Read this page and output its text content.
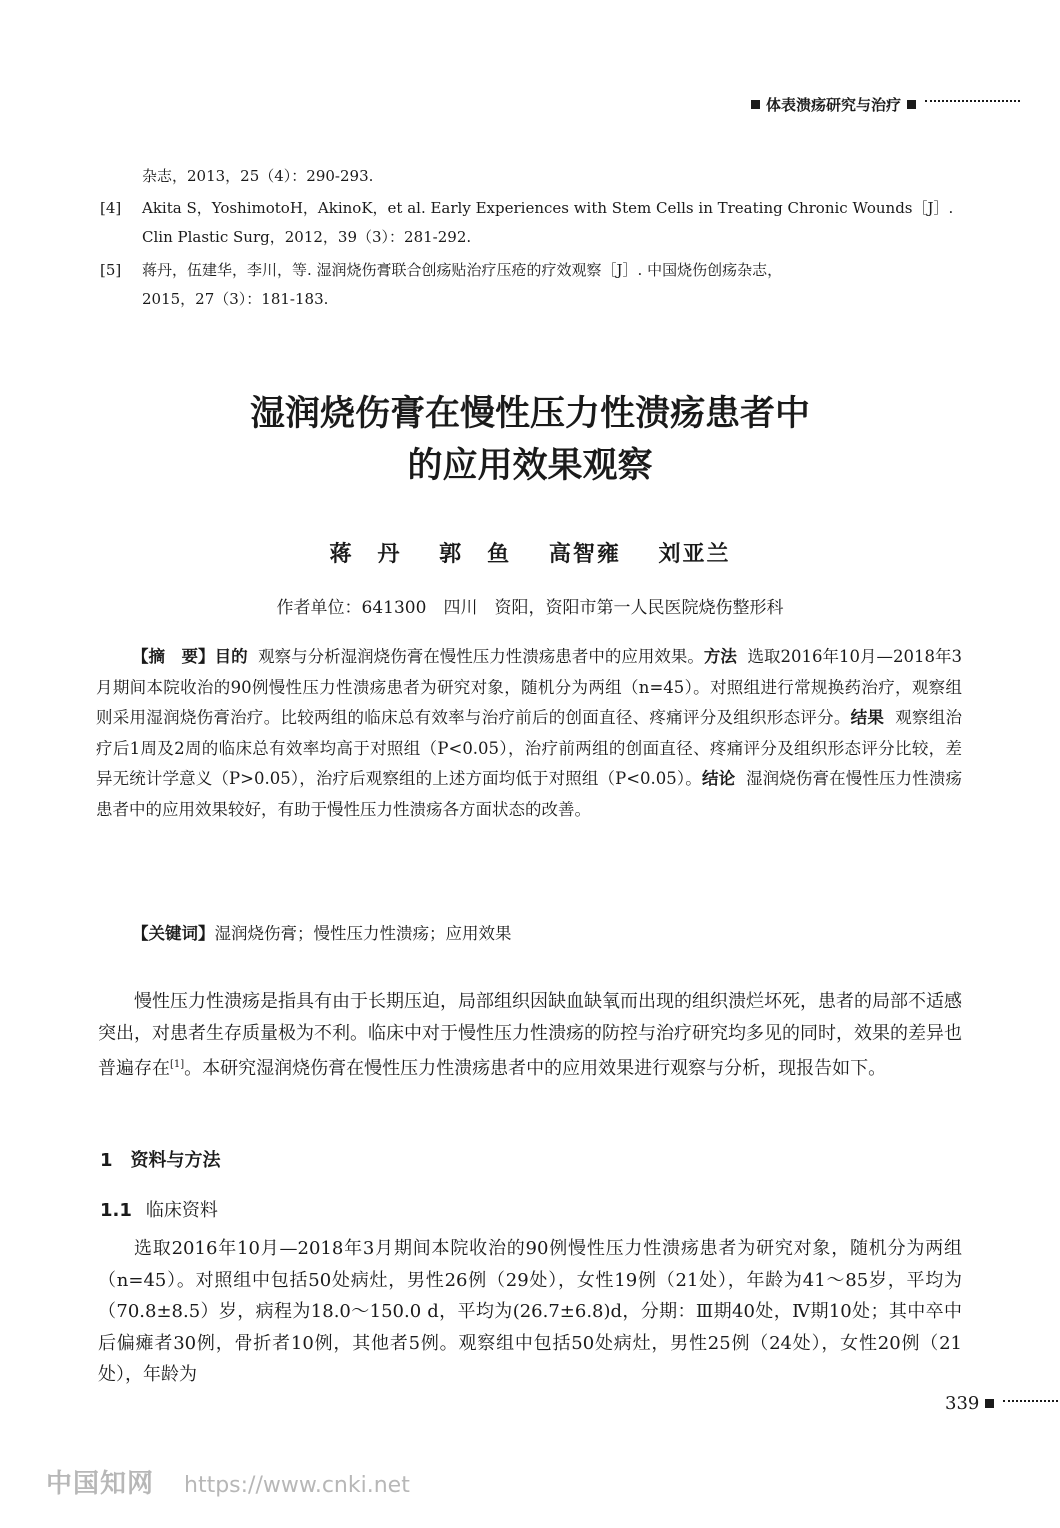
体表溃疡研究与治疗
杂志，2013，25（4）：290-293.
[4] Akita S，YoshimotoH，AkinoK，et al. Early Experiences with Stem Cells in Treating Chronic Wounds［J］.
Clin Plastic Surg，2012，39（3）：281-292.
[5] 蒋丹，伍建华，李川，等. 湿润烧伤膏联合创疡贴治疗压疮的疗效观察［J］. 中国烧伤创疡杂志，
2015，27（3）：181-183.
湿润烧伤膏在慢性压力性溃疡患者中
的应用效果观察
蒋　丹 郭　鱼 高智雍 刘亚兰
作者单位：641300　四川　资阳，资阳市第一人民医院烧伤整形科
【摘　要】目的 观察与分析湿润烧伤膏在慢性压力性溃疡患者中的应用效果。方法 选取2016年10月—2018年3月期间本院收治的90例慢性压力性溃疡患者为研究对象，随机分为两组（n=45）。对照组进行常规换药治疗，观察组则采用湿润烧伤膏治疗。比较两组的临床总有效率与治疗前后的创面直径、疼痛评分及组织形态评分。结果 观察组治疗后1周及2周的临床总有效率均高于对照组（P<0.05），治疗前两组的创面直径、疼痛评分及组织形态评分比较，差异无统计学意义（P>0.05），治疗后观察组的上述方面均低于对照组（P<0.05）。结论 湿润烧伤膏在慢性压力性溃疡患者中的应用效果较好，有助于慢性压力性溃疡各方面状态的改善。
【关键词】湿润烧伤膏；慢性压力性溃疡；应用效果
慢性压力性溃疡是指具有由于长期压迫，局部组织因缺血缺氧而出现的组织溃烂坏死，患者的局部不适感突出，对患者生存质量极为不利。临床中对于慢性压力性溃疡的防控与治疗研究均多见的同时，效果的差异也普遍存在[1]。本研究湿润烧伤膏在慢性压力性溃疡患者中的应用效果进行观察与分析，现报告如下。
1　资料与方法
1.1 临床资料
选取2016年10月—2018年3月期间本院收治的90例慢性压力性溃疡患者为研究对象，随机分为两组（n=45）。对照组中包括50处病灶，男性26例（29处），女性19例（21处），年龄为41～85岁，平均为（70.8±8.5）岁，病程为18.0～150.0 d，平均为(26.7±6.8)d，分期：Ⅲ期40处，Ⅳ期10处；其中卒中后偏瘫者30例，骨折者10例，其他者5例。观察组中包括50处病灶，男性25例（24处），女性20例（21处），年龄为
339
中国知网 https://www.cnki.net
